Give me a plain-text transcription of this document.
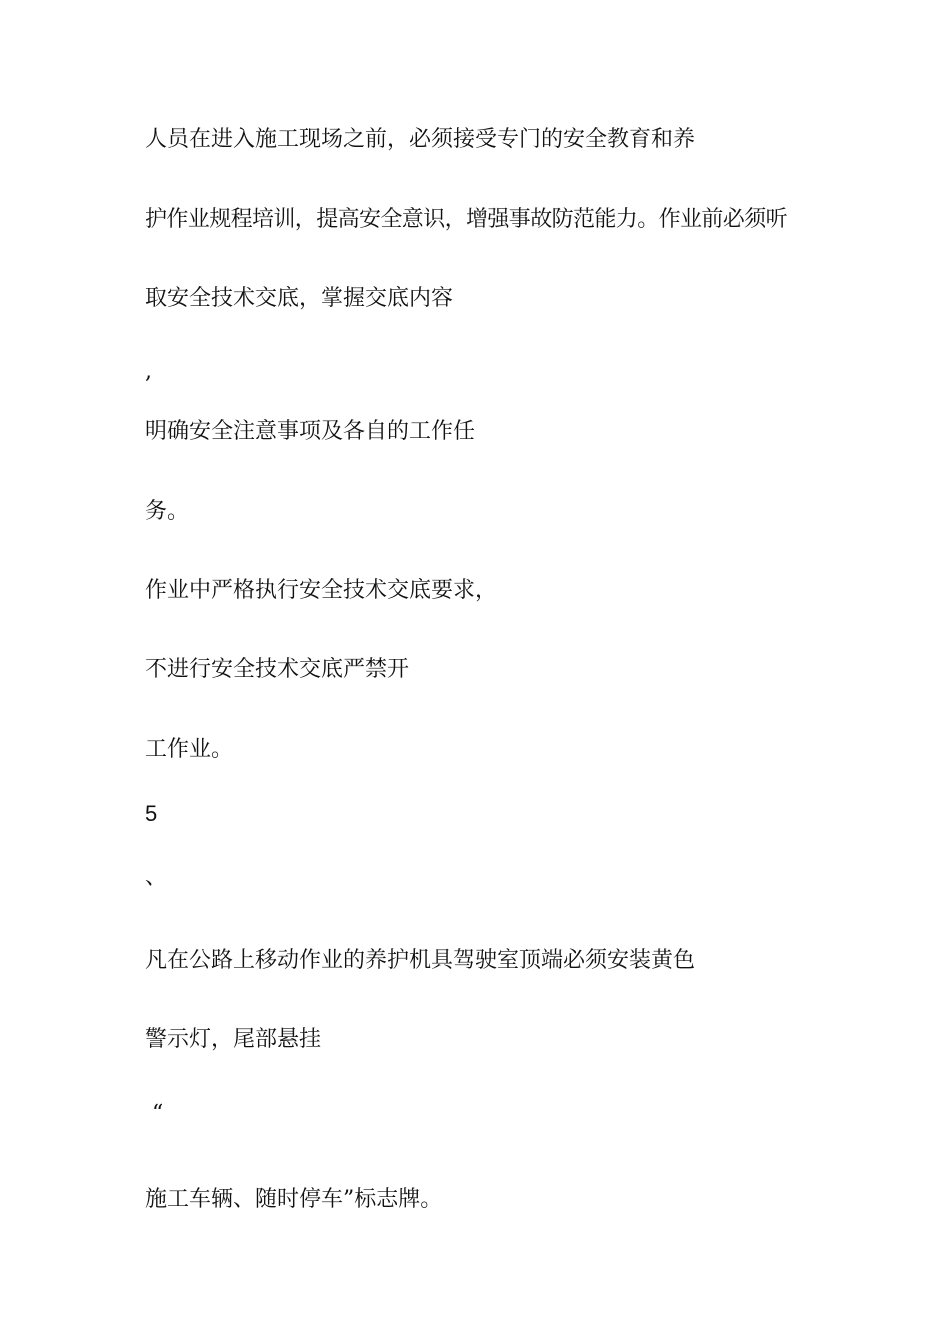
人员在进入施工现场之前，必须接受专门的安全教育和养
护作业规程培训，提高安全意识，增强事故防范能力。作业前必须听
取安全技术交底，掌握交底内容
,
明确安全注意事项及各自的工作任
务。
作业中严格执行安全技术交底要求，
不进行安全技术交底严禁开
工作业。
5
、
凡在公路上移动作业的养护机具驾驶室顶端必须安装黄色
警示灯，尾部悬挂
“
施工车辆、随时停车”标志牌。
